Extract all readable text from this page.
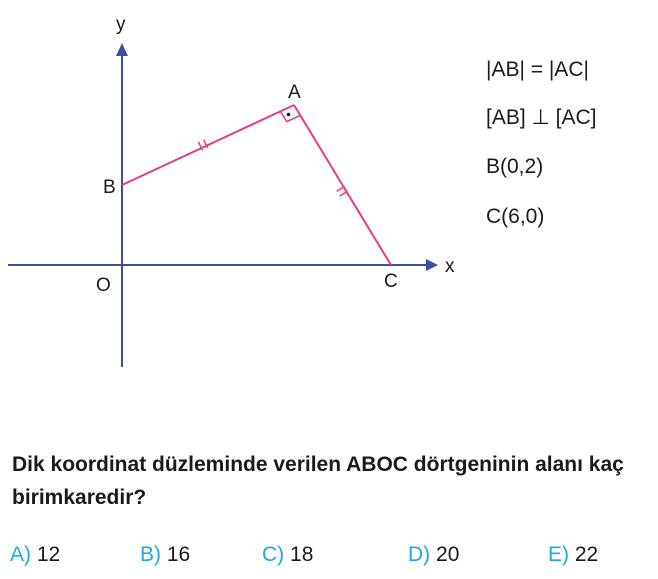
y
x
O
A
B
C
|AB| = |AC|
[AB] ⊥ [AC]
B(0,2)
C(6,0)
Dik koordinat düzleminde verilen ABOC dörtgeninin alanı kaç birimkaredir?
A) 12	B) 16	C) 18	D) 20	E) 22
